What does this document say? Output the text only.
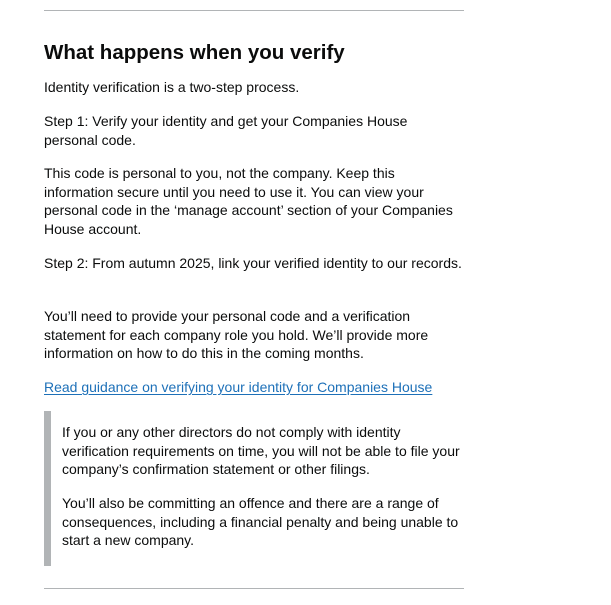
What happens when you verify

Identity verification is a two-step process.

Step 1: Verify your identity and get your Companies House personal code.

This code is personal to you, not the company. Keep this information secure until you need to use it. You can view your personal code in the ‘manage account’ section of your Companies House account.

Step 2: From autumn 2025, link your verified identity to our records.

You’ll need to provide your personal code and a verification statement for each company role you hold. We’ll provide more information on how to do this in the coming months.

Read guidance on verifying your identity for Companies House

If you or any other directors do not comply with identity verification requirements on time, you will not be able to file your company’s confirmation statement or other filings.

You’ll also be committing an offence and there are a range of consequences, including a financial penalty and being unable to start a new company.
